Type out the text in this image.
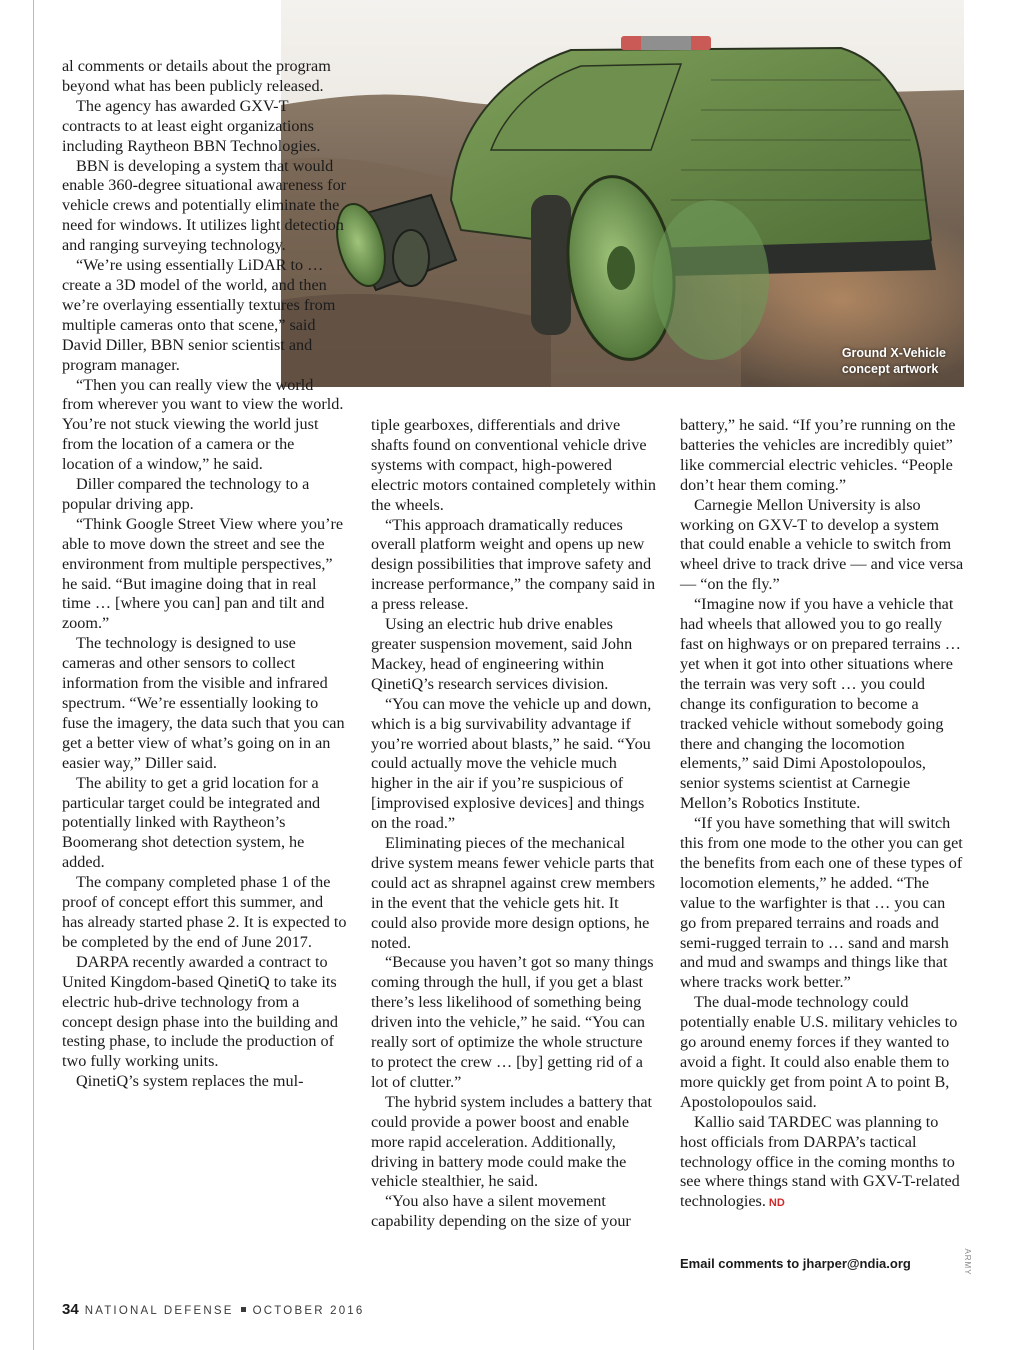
Ground X-Vehicle
concept artwork

al comments or details about the program beyond what has been publicly released.

The agency has awarded GXV-T contracts to at least eight organizations including Raytheon BBN Technologies.

BBN is developing a system that would enable 360-degree situational awareness for vehicle crews and potentially eliminate the need for windows. It utilizes light detection and ranging surveying technology.

“We’re using essentially LiDAR to … create a 3D model of the world, and then we’re overlaying essentially textures from multiple cameras onto that scene,” said David Diller, BBN senior scientist and program manager.

“Then you can really view the world from wherever you want to view the world. You’re not stuck viewing the world just from the location of a camera or the location of a window,” he said.

Diller compared the technology to a popular driving app.

“Think Google Street View where you’re able to move down the street and see the environment from multiple perspectives,” he said. “But imagine doing that in real time … [where you can] pan and tilt and zoom.”

The technology is designed to use cameras and other sensors to collect information from the visible and infrared spectrum. “We’re essentially looking to fuse the imagery, the data such that you can get a better view of what’s going on in an easier way,” Diller said.

The ability to get a grid location for a particular target could be integrated and potentially linked with Raytheon’s Boomerang shot detection system, he added.

The company completed phase 1 of the proof of concept effort this summer, and has already started phase 2. It is expected to be completed by the end of June 2017.

DARPA recently awarded a contract to United Kingdom-based QinetiQ to take its electric hub-drive technology from a concept design phase into the building and testing phase, to include the production of two fully working units.

QinetiQ’s system replaces the mul-

tiple gearboxes, differentials and drive shafts found on conventional vehicle drive systems with compact, high-powered electric motors contained completely within the wheels.

“This approach dramatically reduces overall platform weight and opens up new design possibilities that improve safety and increase performance,” the company said in a press release.

Using an electric hub drive enables greater suspension movement, said John Mackey, head of engineering within QinetiQ’s research services division.

“You can move the vehicle up and down, which is a big survivability advantage if you’re worried about blasts,” he said. “You could actually move the vehicle much higher in the air if you’re suspicious of [improvised explosive devices] and things on the road.”

Eliminating pieces of the mechanical drive system means fewer vehicle parts that could act as shrapnel against crew members in the event that the vehicle gets hit. It could also provide more design options, he noted.

“Because you haven’t got so many things coming through the hull, if you get a blast there’s less likelihood of something being driven into the vehicle,” he said. “You can really sort of optimize the whole structure to protect the crew … [by] getting rid of a lot of clutter.”

The hybrid system includes a battery that could provide a power boost and enable more rapid acceleration. Additionally, driving in battery mode could make the vehicle stealthier, he said.

“You also have a silent movement capability depending on the size of your

battery,” he said. “If you’re running on the batteries the vehicles are incredibly quiet” like commercial electric vehicles. “People don’t hear them coming.”

Carnegie Mellon University is also working on GXV-T to develop a system that could enable a vehicle to switch from wheel drive to track drive — and vice versa — “on the fly.”

“Imagine now if you have a vehicle that had wheels that allowed you to go really fast on highways or on prepared terrains … yet when it got into other situations where the terrain was very soft … you could change its configuration to become a tracked vehicle without somebody going there and changing the locomotion elements,” said Dimi Apostolopoulos, senior systems scientist at Carnegie Mellon’s Robotics Institute.

“If you have something that will switch this from one mode to the other you can get the benefits from each one of these types of locomotion elements,” he added. “The value to the warfighter is that … you can go from prepared terrains and roads and semi-rugged terrain to … sand and marsh and mud and swamps and things like that where tracks work better.”

The dual-mode technology could potentially enable U.S. military vehicles to go around enemy forces if they wanted to avoid a fight. It could also enable them to more quickly get from point A to point B, Apostolopoulos said.

Kallio said TARDEC was planning to host officials from DARPA’s tactical technology office in the coming months to see where things stand with GXV-T-related technologies. ND

Email comments to jharper@ndia.org	ARMY
34 NATIONAL DEFENSE OCTOBER 2016
